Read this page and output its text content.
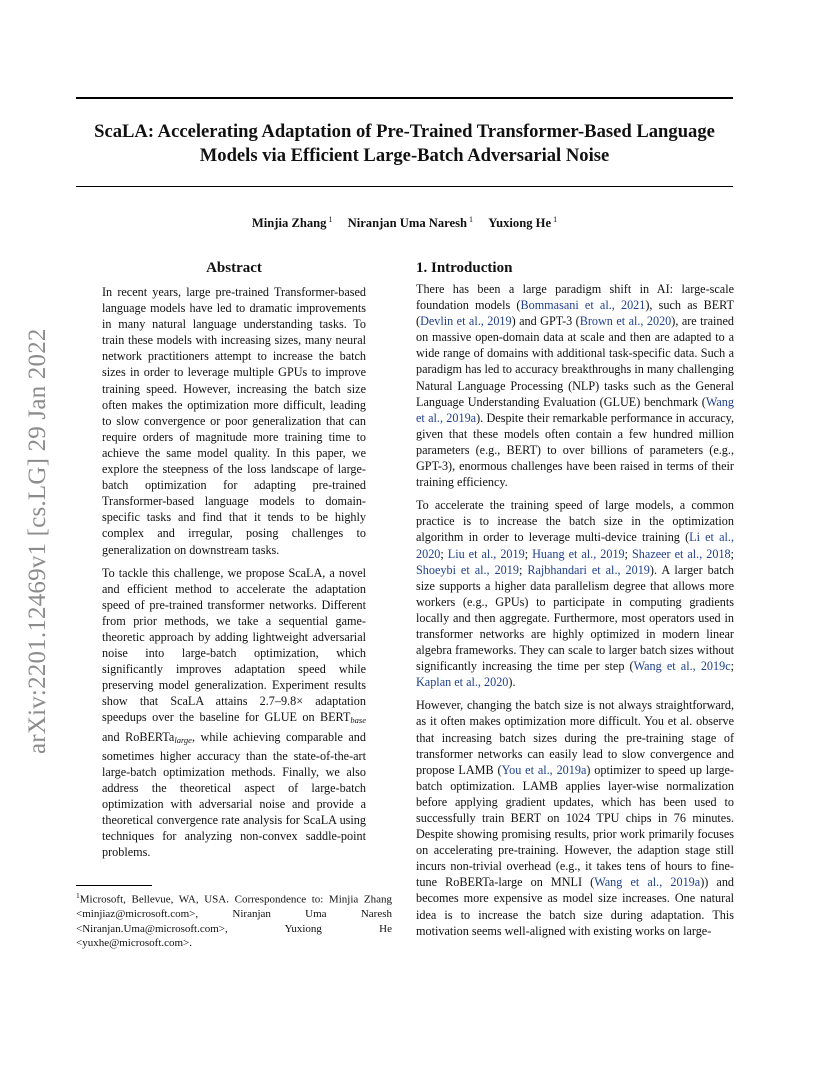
arXiv:2201.12469v1 [cs.LG] 29 Jan 2022
ScaLA: Accelerating Adaptation of Pre-Trained Transformer-Based Language
Models via Efficient Large-Batch Adversarial Noise
Minjia Zhang $^1$ Niranjan Uma Naresh $^1$ Yuxiong He $^1$
Abstract

In recent years, large pre-trained Transformer-based language models have led to dramatic improvements in many natural language understanding tasks. To train these models with increasing sizes, many neural network practitioners attempt to increase the batch sizes in order to leverage multiple GPUs to improve training speed. However, increasing the batch size often makes the optimization more difficult, leading to slow convergence or poor generalization that can require orders of magnitude more training time to achieve the same model quality. In this paper, we explore the steepness of the loss landscape of large-batch optimization for adapting pre-trained Transformer-based language models to domain-specific tasks and find that it tends to be highly complex and irregular, posing challenges to generalization on downstream tasks.

To tackle this challenge, we propose ScaLA, a novel and efficient method to accelerate the adaptation speed of pre-trained transformer networks. Different from prior methods, we take a sequential game-theoretic approach by adding lightweight adversarial noise into large-batch optimization, which significantly improves adaptation speed while preserving model generalization. Experiment results show that ScaLA attains 2.7–9.8× adaptation speedups over the baseline for GLUE on $BERT_{base}$ and RoBERTa$_{large}$, while achieving comparable and sometimes higher accuracy than the state-of-the-art large-batch optimization methods. Finally, we also address the theoretical aspect of large-batch optimization with adversarial noise and provide a theoretical convergence rate analysis for ScaLA using techniques for analyzing non-convex saddle-point problems.

$^1$Microsoft, Bellevue, WA, USA. Correspondence to: Minjia Zhang <minjiaz@microsoft.com>, Niranjan Uma Naresh <Niranjan.Uma@microsoft.com>, Yuxiong He <yuxhe@microsoft.com>.
1. Introduction

There has been a large paradigm shift in AI: large-scale foundation models (Bommasani et al., 2021), such as BERT (Devlin et al., 2019) and GPT-3 (Brown et al., 2020), are trained on massive open-domain data at scale and then are adapted to a wide range of domains with additional task-specific data. Such a paradigm has led to accuracy breakthroughs in many challenging Natural Language Processing (NLP) tasks such as the General Language Understanding Evaluation (GLUE) benchmark (Wang et al., 2019a). Despite their remarkable performance in accuracy, given that these models often contain a few hundred million parameters (e.g., BERT) to over billions of parameters (e.g., GPT-3), enormous challenges have been raised in terms of their training efficiency.

To accelerate the training speed of large models, a common practice is to increase the batch size in the optimization algorithm in order to leverage multi-device training (Li et al., 2020; Liu et al., 2019; Huang et al., 2019; Shazeer et al., 2018; Shoeybi et al., 2019; Rajbhandari et al., 2019). A larger batch size supports a higher data parallelism degree that allows more workers (e.g., GPUs) to participate in computing gradients locally and then aggregate. Furthermore, most operators used in transformer networks are highly optimized in modern linear algebra frameworks. They can scale to larger batch sizes without significantly increasing the time per step (Wang et al., 2019c; Kaplan et al., 2020).

However, changing the batch size is not always straightforward, as it often makes optimization more difficult. You et al. observe that increasing batch sizes during the pre-training stage of transformer networks can easily lead to slow convergence and propose LAMB (You et al., 2019a) optimizer to speed up large-batch optimization. LAMB applies layer-wise normalization before applying gradient updates, which has been used to successfully train BERT on 1024 TPU chips in 76 minutes. Despite showing promising results, prior work primarily focuses on accelerating pre-training. However, the adaption stage still incurs non-trivial overhead (e.g., it takes tens of hours to fine-tune RoBERTa-large on MNLI (Wang et al., 2019a)) and becomes more expensive as model size increases. One natural idea is to increase the batch size during adaptation. This motivation seems well-aligned with existing works on large-
